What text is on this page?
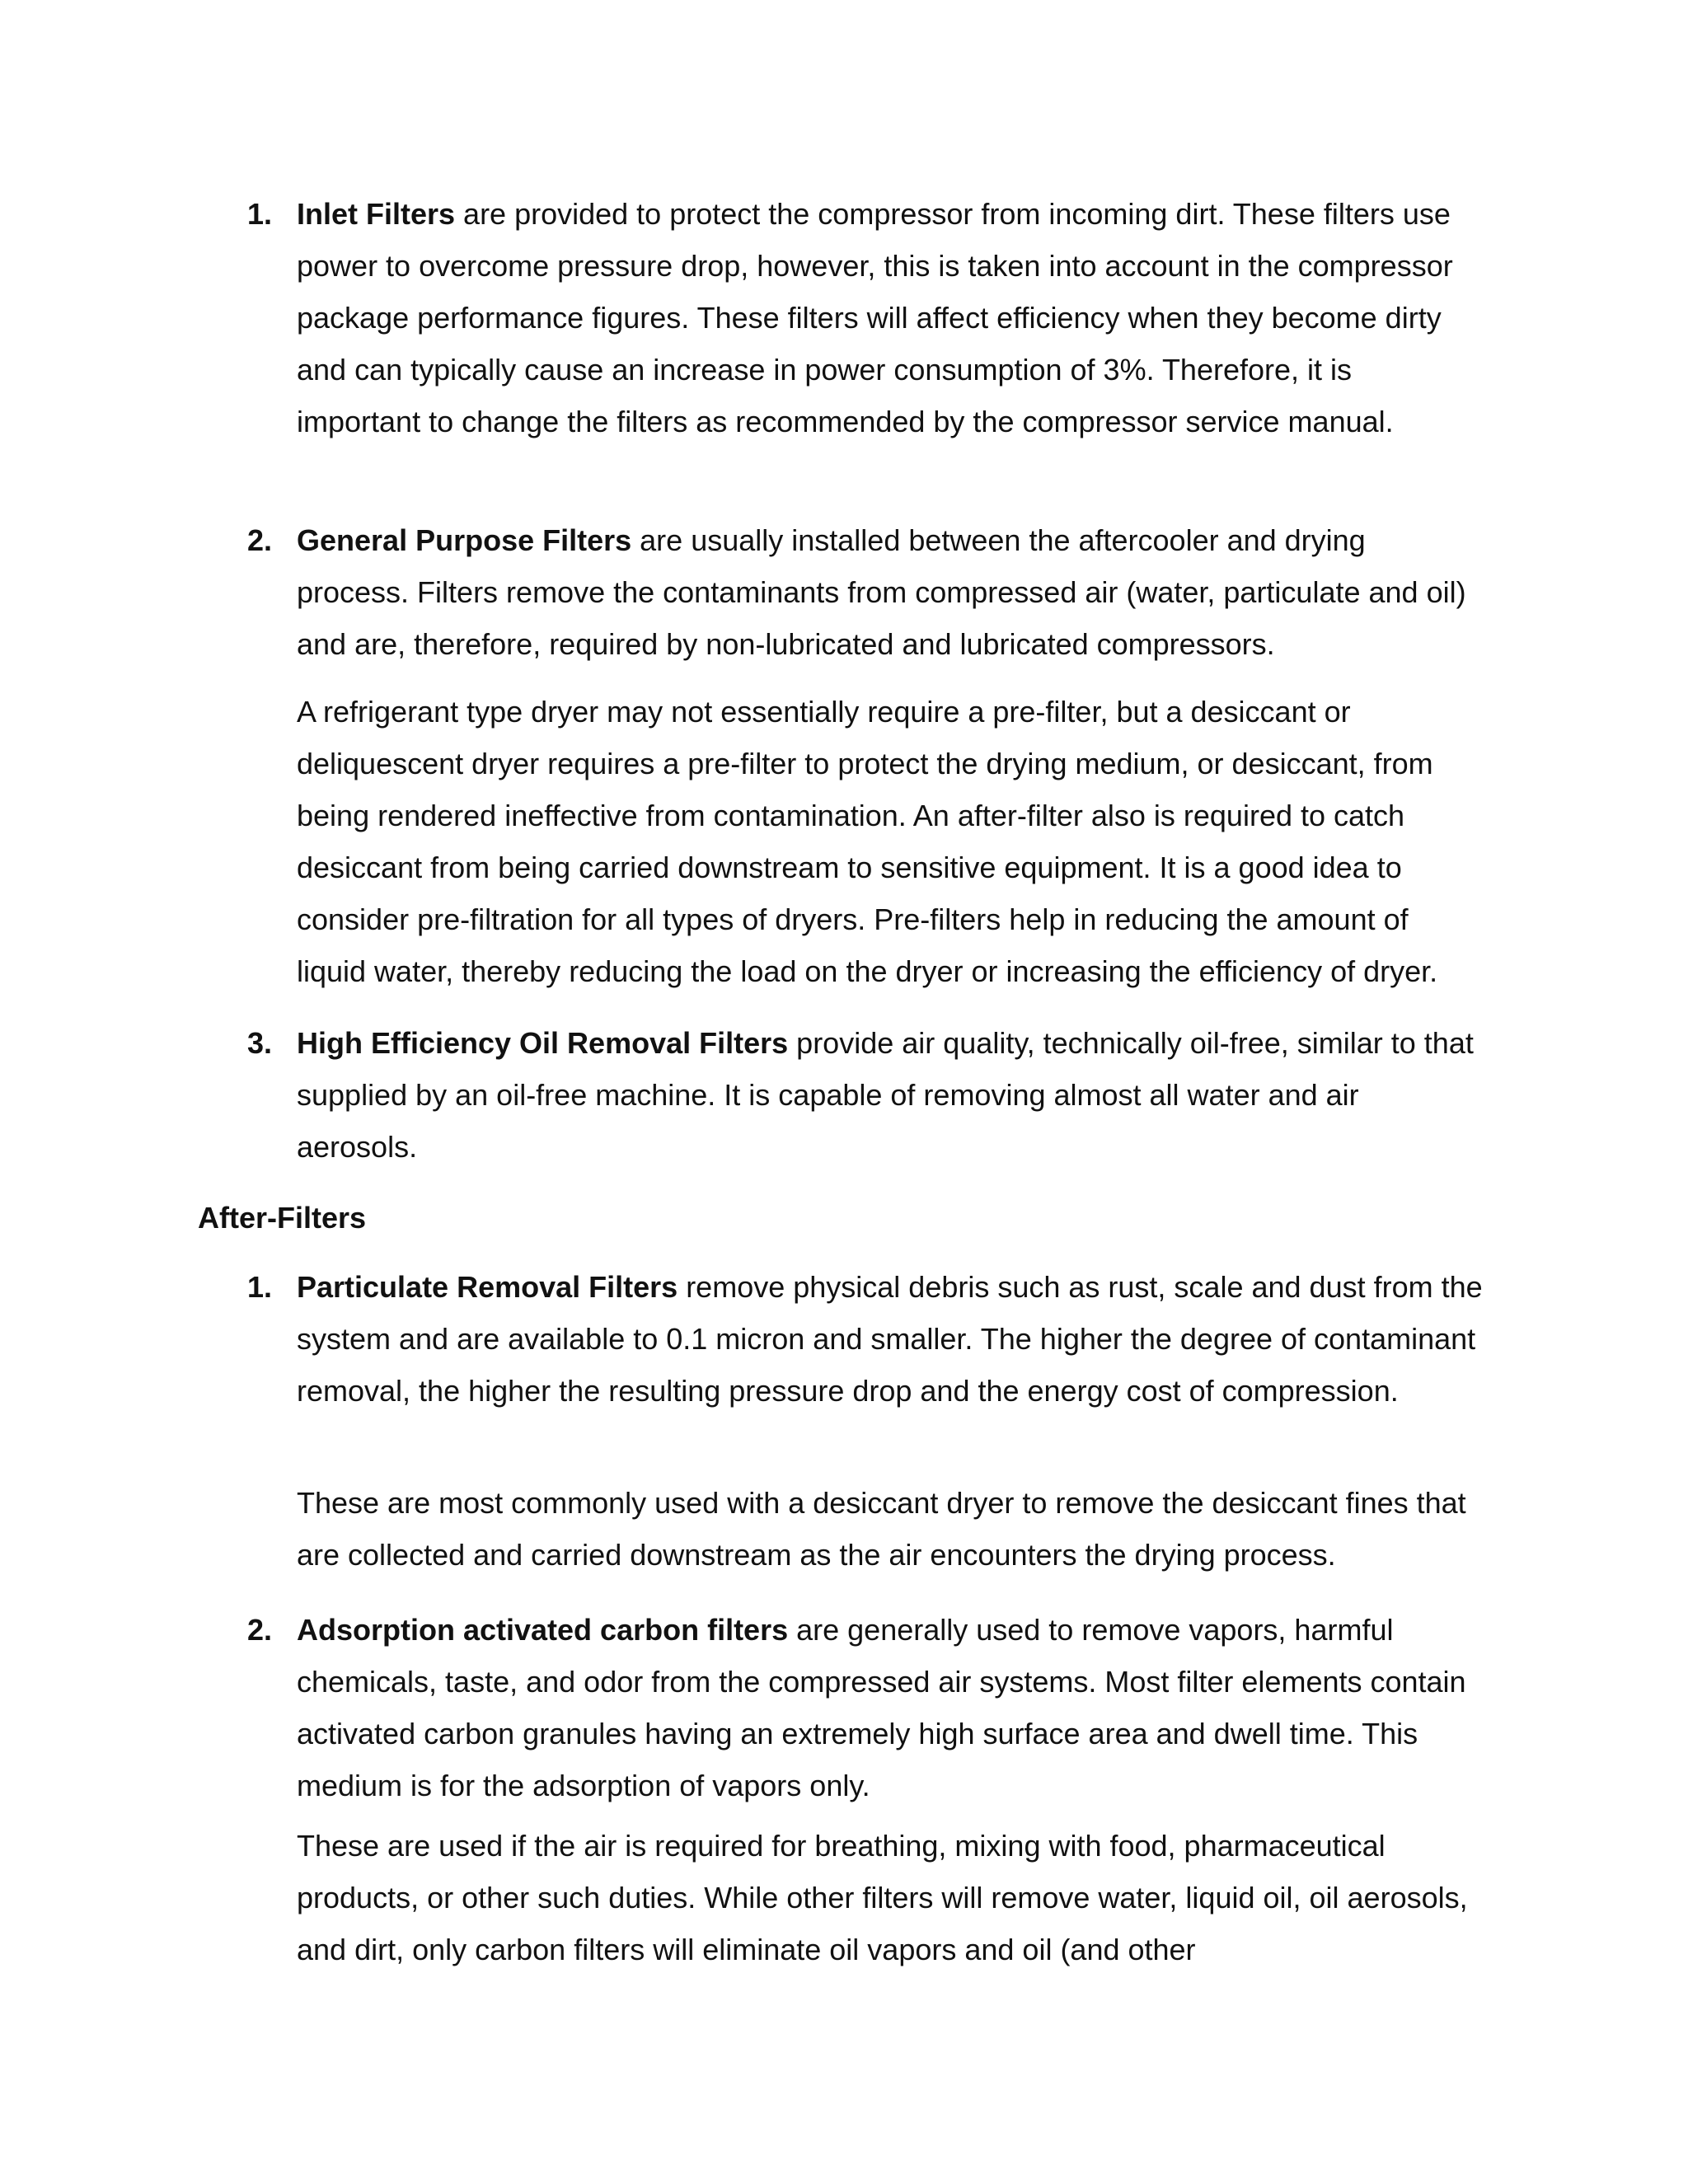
1. Inlet Filters are provided to protect the compressor from incoming dirt. These filters use power to overcome pressure drop, however, this is taken into account in the compressor package performance figures. These filters will affect efficiency when they become dirty and can typically cause an increase in power consumption of 3%. Therefore, it is important to change the filters as recommended by the compressor service manual.
2. General Purpose Filters are usually installed between the aftercooler and drying process. Filters remove the contaminants from compressed air (water, particulate and oil) and are, therefore, required by non-lubricated and lubricated compressors.
A refrigerant type dryer may not essentially require a pre-filter, but a desiccant or deliquescent dryer requires a pre-filter to protect the drying medium, or desiccant, from being rendered ineffective from contamination. An after-filter also is required to catch desiccant from being carried downstream to sensitive equipment. It is a good idea to consider pre-filtration for all types of dryers. Pre-filters help in reducing the amount of liquid water, thereby reducing the load on the dryer or increasing the efficiency of dryer.
3. High Efficiency Oil Removal Filters provide air quality, technically oil-free, similar to that supplied by an oil-free machine. It is capable of removing almost all water and air aerosols.
After-Filters
1. Particulate Removal Filters remove physical debris such as rust, scale and dust from the system and are available to 0.1 micron and smaller. The higher the degree of contaminant removal, the higher the resulting pressure drop and the energy cost of compression.
These are most commonly used with a desiccant dryer to remove the desiccant fines that are collected and carried downstream as the air encounters the drying process.
2. Adsorption activated carbon filters are generally used to remove vapors, harmful chemicals, taste, and odor from the compressed air systems. Most filter elements contain activated carbon granules having an extremely high surface area and dwell time. This medium is for the adsorption of vapors only.
These are used if the air is required for breathing, mixing with food, pharmaceutical products, or other such duties. While other filters will remove water, liquid oil, oil aerosols, and dirt, only carbon filters will eliminate oil vapors and oil (and other
